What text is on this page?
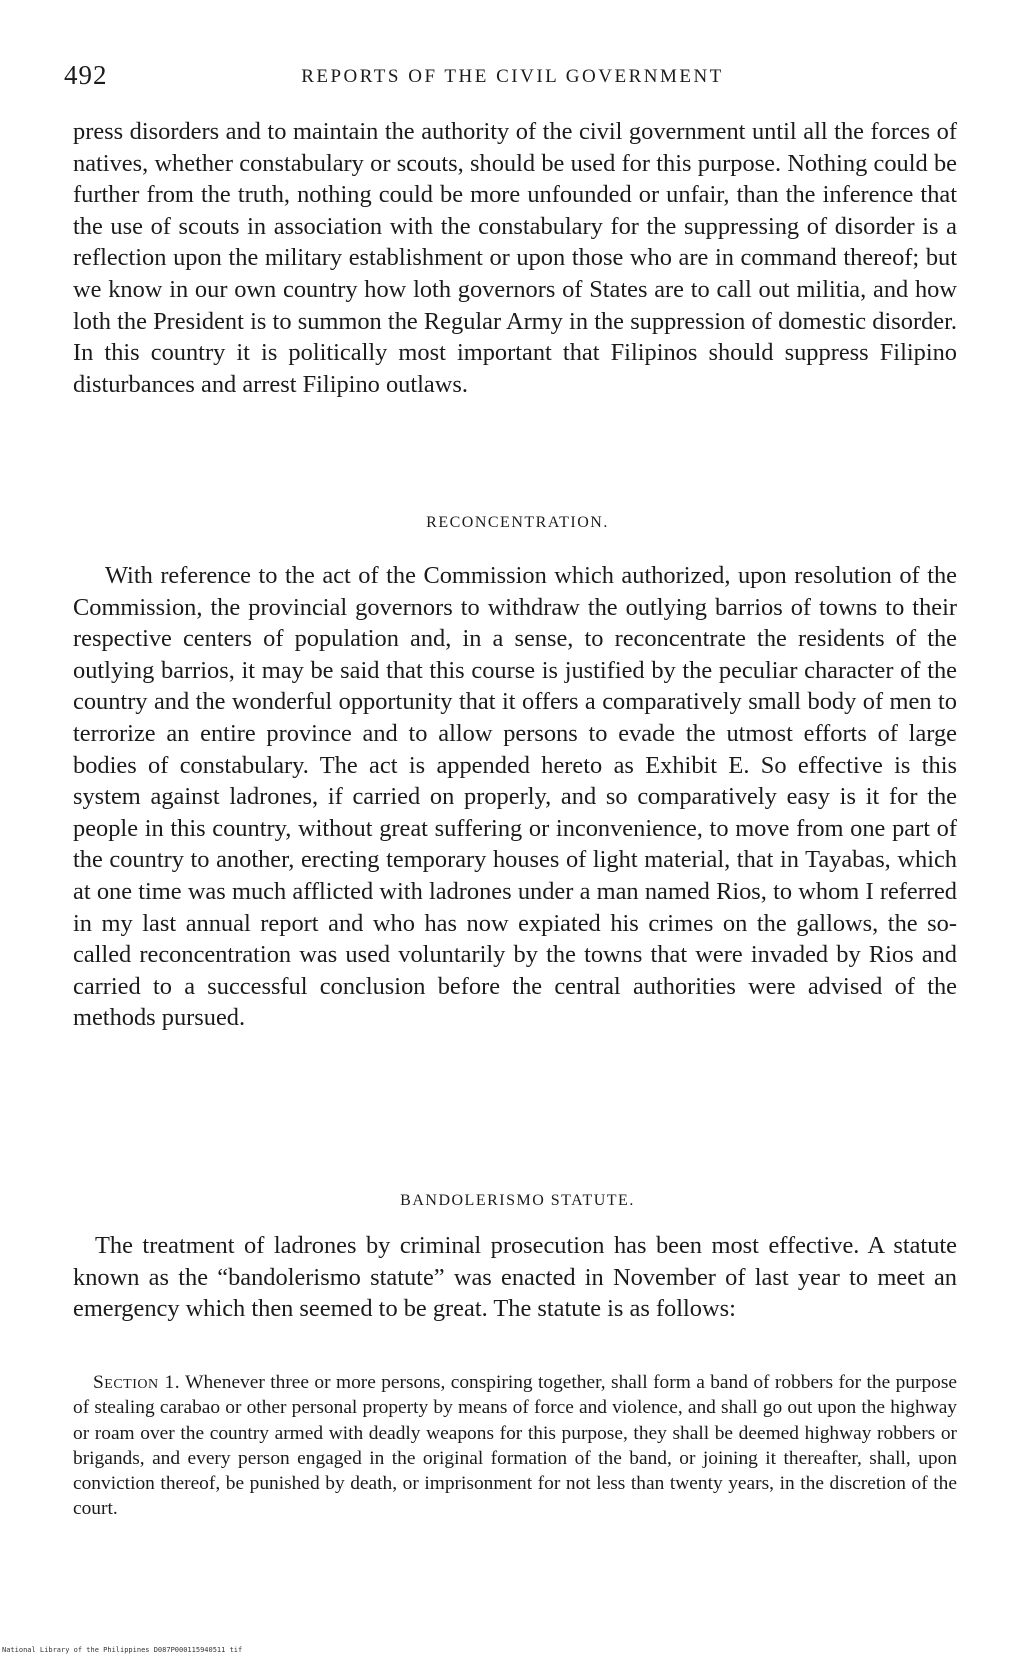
492	REPORTS OF THE CIVIL GOVERNMENT

press disorders and to maintain the authority of the civil government until all the forces of natives, whether constabulary or scouts, should be used for this purpose. Nothing could be further from the truth, nothing could be more unfounded or unfair, than the inference that the use of scouts in association with the constabulary for the suppressing of disorder is a reflection upon the military establishment or upon those who are in command thereof; but we know in our own country how loth governors of States are to call out militia, and how loth the President is to summon the Regular Army in the suppression of domestic disorder. In this country it is politically most important that Filipinos should suppress Filipino disturbances and arrest Filipino outlaws.

RECONCENTRATION.

With reference to the act of the Commission which authorized, upon resolution of the Commission, the provincial governors to withdraw the outlying barrios of towns to their respective centers of population and, in a sense, to reconcentrate the residents of the outlying barrios, it may be said that this course is justified by the peculiar character of the country and the wonderful opportunity that it offers a comparatively small body of men to terrorize an entire province and to allow persons to evade the utmost efforts of large bodies of constabulary. The act is appended hereto as Exhibit E. So effective is this system against ladrones, if carried on properly, and so comparatively easy is it for the people in this country, without great suffering or inconvenience, to move from one part of the country to another, erecting temporary houses of light material, that in Tayabas, which at one time was much afflicted with ladrones under a man named Rios, to whom I referred in my last annual report and who has now expiated his crimes on the gallows, the so-called reconcentration was used voluntarily by the towns that were invaded by Rios and carried to a successful conclusion before the central authorities were advised of the methods pursued.

BANDOLERISMO STATUTE.

The treatment of ladrones by criminal prosecution has been most effective. A statute known as the “bandolerismo statute” was enacted in November of last year to meet an emergency which then seemed to be great. The statute is as follows:

Section 1. Whenever three or more persons, conspiring together, shall form a band of robbers for the purpose of stealing carabao or other personal property by means of force and violence, and shall go out upon the highway or roam over the country armed with deadly weapons for this purpose, they shall be deemed highway robbers or brigands, and every person engaged in the original formation of the band, or joining it thereafter, shall, upon conviction thereof, be punished by death, or imprisonment for not less than twenty years, in the discretion of the court.

National Library of the Philippines D087P000115940511 tif
